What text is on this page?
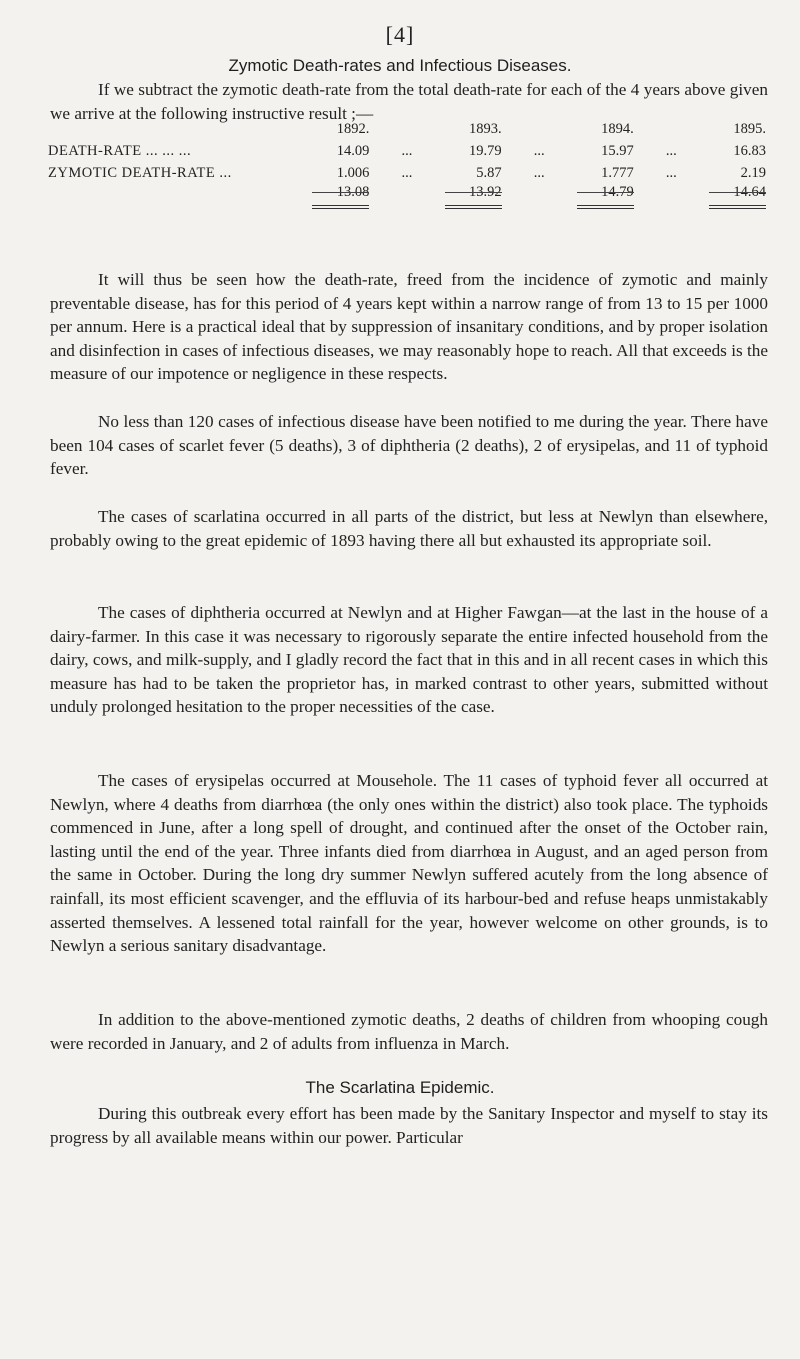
[4]
Zymotic Death-rates and Infectious Diseases.

If we subtract the zymotic death-rate from the total death-rate for each of the 4 years above given we arrive at the following instructive result ;—

	1892.		1893.		1894.		1895.
DEATH-RATE ... ... ...	14.09	...	19.79	...	15.97	...	16.83
ZYMOTIC DEATH-RATE ...	1.006	...	5.87	...	1.777	...	2.19

13.08		13.92		14.79		14.64

It will thus be seen how the death-rate, freed from the incidence of zymotic and mainly preventable disease, has for this period of 4 years kept within a narrow range of from 13 to 15 per 1000 per annum. Here is a practical ideal that by suppression of insanitary conditions, and by proper isolation and disinfection in cases of infectious diseases, we may reasonably hope to reach. All that exceeds is the measure of our impotence or negligence in these respects.

No less than 120 cases of infectious disease have been notified to me during the year. There have been 104 cases of scarlet fever (5 deaths), 3 of diphtheria (2 deaths), 2 of erysipelas, and 11 of typhoid fever.

The cases of scarlatina occurred in all parts of the district, but less at Newlyn than elsewhere, probably owing to the great epidemic of 1893 having there all but exhausted its appropriate soil.

The cases of diphtheria occurred at Newlyn and at Higher Fawgan—at the last in the house of a dairy-farmer. In this case it was necessary to rigorously separate the entire infected household from the dairy, cows, and milk-supply, and I gladly record the fact that in this and in all recent cases in which this measure has had to be taken the proprietor has, in marked contrast to other years, submitted without unduly prolonged hesitation to the proper necessities of the case.

The cases of erysipelas occurred at Mousehole. The 11 cases of typhoid fever all occurred at Newlyn, where 4 deaths from diarrhœa (the only ones within the district) also took place. The typhoids commenced in June, after a long spell of drought, and continued after the onset of the October rain, lasting until the end of the year. Three infants died from diarrhœa in August, and an aged person from the same in October. During the long dry summer Newlyn suffered acutely from the long absence of rainfall, its most efficient scavenger, and the effluvia of its harbour-bed and refuse heaps unmistakably asserted themselves. A lessened total rainfall for the year, however welcome on other grounds, is to Newlyn a serious sanitary disadvantage.

In addition to the above-mentioned zymotic deaths, 2 deaths of children from whooping cough were recorded in January, and 2 of adults from influenza in March.

The Scarlatina Epidemic.

During this outbreak every effort has been made by the Sanitary Inspector and myself to stay its progress by all available means within our power. Particular
